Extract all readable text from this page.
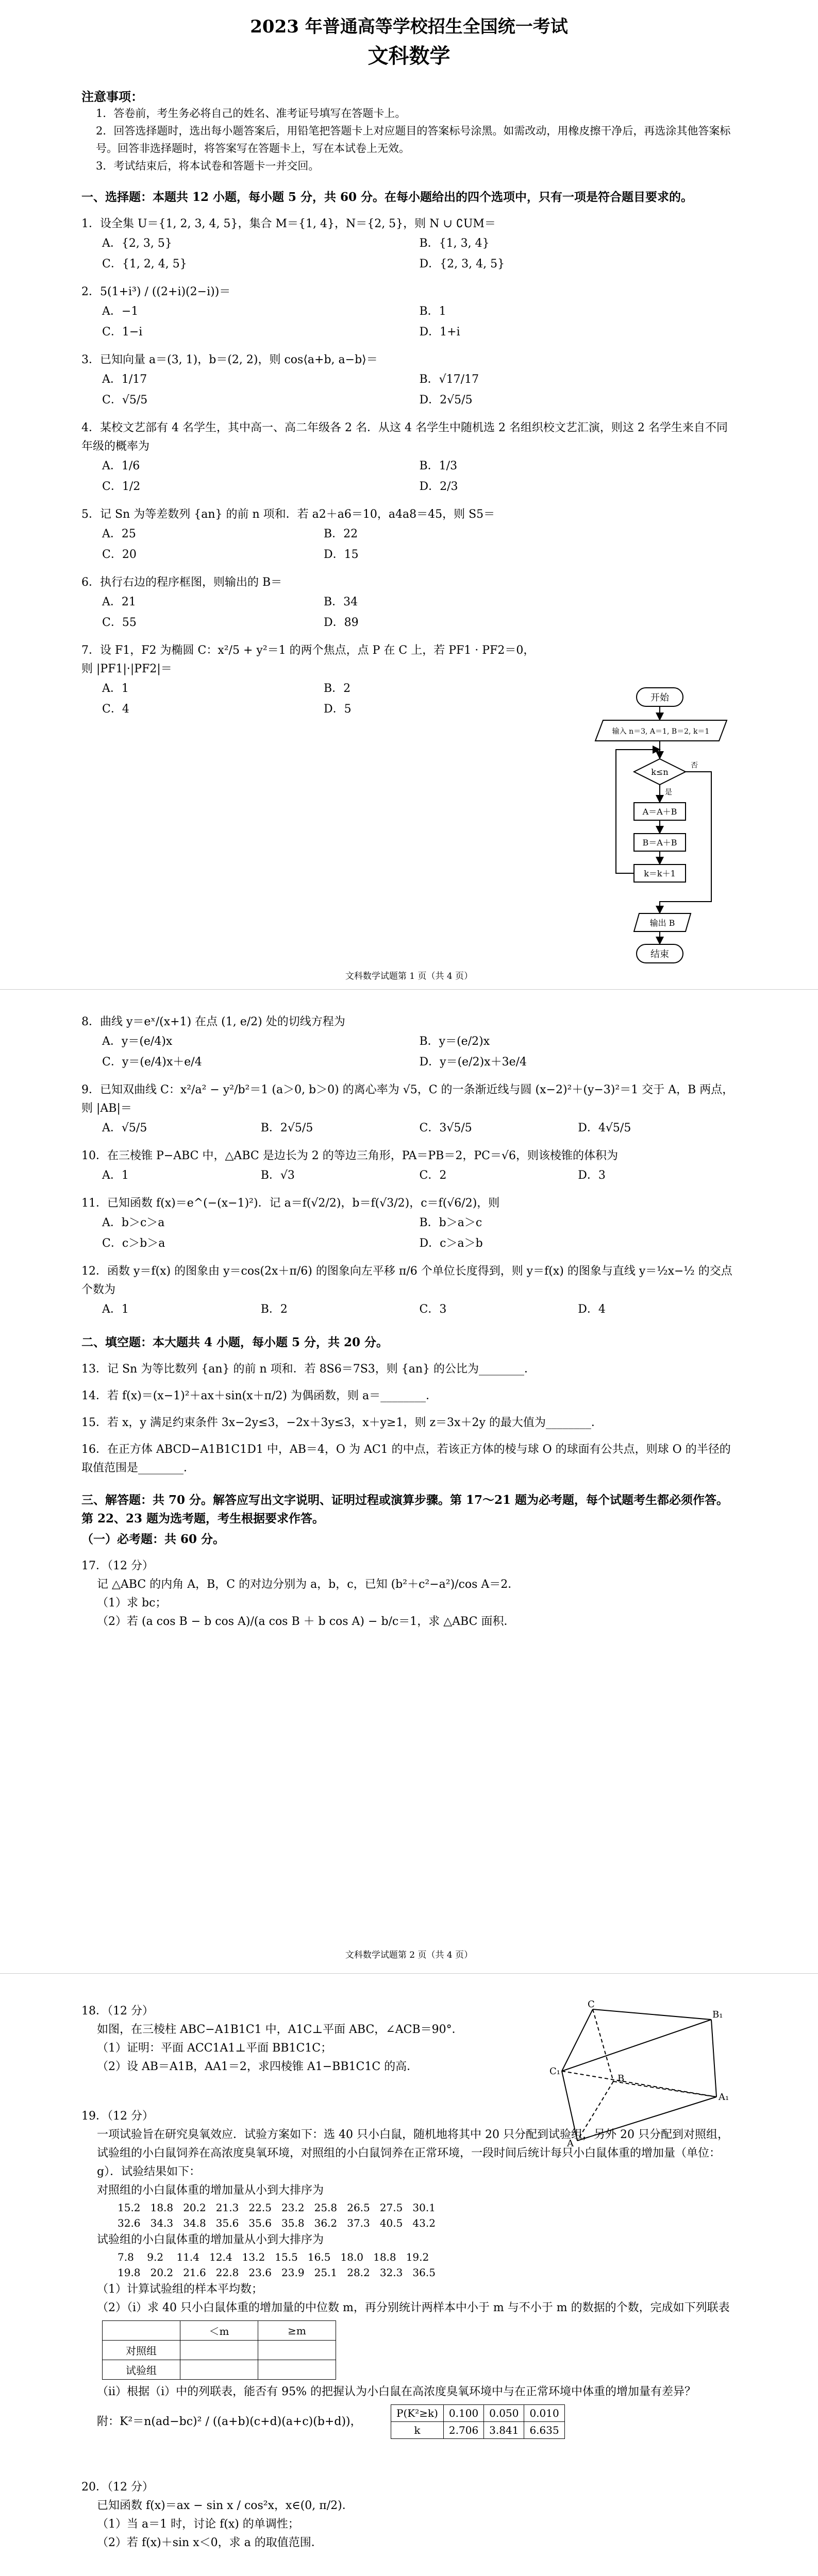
2023 年普通高等学校招生全国统一考试
文科数学
注意事项：
1．答卷前，考生务必将自己的姓名、准考证号填写在答题卡上。
2．回答选择题时，选出每小题答案后，用铅笔把答题卡上对应题目的答案标号涂黑。如需改动，用橡皮擦干净后，再选涂其他答案标号。回答非选择题时，将答案写在答题卡上，写在本试卷上无效。
3．考试结束后，将本试卷和答题卡一并交回。
一、选择题：本题共 12 小题，每小题 5 分，共 60 分。在每小题给出的四个选项中，只有一项是符合题目要求的。
1．设全集 U＝{1, 2, 3, 4, 5}，集合 M＝{1, 4}，N＝{2, 5}，则 N ∪ ∁UM＝
A．{2, 3, 5}	B．{1, 3, 4}
C．{1, 2, 4, 5}	D．{2, 3, 4, 5}
2．5(1+i³) / ((2+i)(2−i))＝
A．−1	B．1
C．1−i	D．1+i
3．已知向量 a＝(3, 1)，b＝(2, 2)，则 cos⟨a+b, a−b⟩＝
A．1/17	B．√17/17
C．√5/5	D．2√5/5
4．某校文艺部有 4 名学生，其中高一、高二年级各 2 名．从这 4 名学生中随机选 2 名组织校文艺汇演，则这 2 名学生来自不同年级的概率为
A．1/6	B．1/3
C．1/2	D．2/3
5．记 Sn 为等差数列 {an} 的前 n 项和．若 a2＋a6＝10，a4a8＝45，则 S5＝
A．25	B．22
C．20	D．15
6．执行右边的程序框图，则输出的 B＝
A．21	B．34
C．55	D．89
7．设 F1，F2 为椭圆 C：x²/5 + y²＝1 的两个焦点，点 P 在 C 上，若 PF1 · PF2＝0，则 |PF1|·|PF2|＝
A．1	B．2
C．4	D．5
开始
输入 n＝3, A＝1, B＝2, k＝1
k≤n
是
否
A＝A＋B
B＝A＋B
k＝k＋1
输出 B
结束
文科数学试题第 1 页（共 4 页）
8．曲线 y＝eˣ/(x+1) 在点 (1, e/2) 处的切线方程为
A．y＝(e/4)x	B．y＝(e/2)x
C．y＝(e/4)x＋e/4	D．y＝(e/2)x＋3e/4
9．已知双曲线 C：x²/a² − y²/b²＝1 (a＞0, b＞0) 的离心率为 √5，C 的一条渐近线与圆 (x−2)²＋(y−3)²＝1 交于 A，B 两点，则 |AB|＝
A．√5/5	B．2√5/5	C．3√5/5	D．4√5/5
10．在三棱锥 P−ABC 中，△ABC 是边长为 2 的等边三角形，PA＝PB＝2，PC＝√6，则该棱锥的体积为
A．1	B．√3	C．2	D．3
11．已知函数 f(x)＝e^(−(x−1)²)．记 a＝f(√2/2)，b＝f(√3/2)，c＝f(√6/2)，则
A．b＞c＞a	B．b＞a＞c
C．c＞b＞a	D．c＞a＞b
12．函数 y＝f(x) 的图象由 y＝cos(2x＋π/6) 的图象向左平移 π/6 个单位长度得到，则 y＝f(x) 的图象与直线 y＝½x−½ 的交点个数为
A．1	B．2	C．3	D．4
二、填空题：本大题共 4 小题，每小题 5 分，共 20 分。
13．记 Sn 为等比数列 {an} 的前 n 项和．若 8S6＝7S3，则 {an} 的公比为________．
14．若 f(x)＝(x−1)²＋ax＋sin(x＋π/2) 为偶函数，则 a＝________．
15．若 x，y 满足约束条件 3x−2y≤3，−2x＋3y≤3，x＋y≥1，则 z＝3x＋2y 的最大值为________．
16．在正方体 ABCD−A1B1C1D1 中，AB＝4，O 为 AC1 的中点，若该正方体的棱与球 O 的球面有公共点，则球 O 的半径的取值范围是________．
三、解答题：共 70 分。解答应写出文字说明、证明过程或演算步骤。第 17～21 题为必考题，每个试题考生都必须作答。第 22、23 题为选考题，考生根据要求作答。
（一）必考题：共 60 分。
17．（12 分）
记 △ABC 的内角 A，B，C 的对边分别为 a，b，c，已知 (b²＋c²−a²)/cos A＝2．
（1）求 bc；
（2）若 (a cos B − b cos A)/(a cos B ＋ b cos A) − b/c＝1，求 △ABC 面积．
文科数学试题第 2 页（共 4 页）
18．（12 分）
如图，在三棱柱 ABC−A1B1C1 中，A1C⊥平面 ABC，∠ACB＝90°．
（1）证明：平面 ACC1A1⊥平面 BB1C1C；
（2）设 AB＝A1B，AA1＝2，求四棱锥 A1−BB1C1C 的高．
19．（12 分）
一项试验旨在研究臭氧效应．试验方案如下：选 40 只小白鼠，随机地将其中 20 只分配到试验组，另外 20 只分配到对照组，试验组的小白鼠饲养在高浓度臭氧环境，对照组的小白鼠饲养在正常环境，一段时间后统计每只小白鼠体重的增加量（单位：g）．试验结果如下：
对照组的小白鼠体重的增加量从小到大排序为
15.2   18.8   20.2   21.3   22.5   23.2   25.8   26.5   27.5   30.1
32.6   34.3   34.8   35.6   35.6   35.8   36.2   37.3   40.5   43.2
试验组的小白鼠体重的增加量从小到大排序为
7.8    9.2    11.4   12.4   13.2   15.5   16.5   18.0   18.8   19.2
19.8   20.2   21.6   22.8   23.6   23.9   25.1   28.2   32.3   36.5
（1）计算试验组的样本平均数；
（2）（ⅰ）求 40 只小白鼠体重的增加量的中位数 m，再分别统计两样本中小于 m 与不小于 m 的数据的个数，完成如下列联表
	＜m	≥m
对照组		
试验组		
（ⅱ）根据（ⅰ）中的列联表，能否有 95% 的把握认为小白鼠在高浓度臭氧环境中与在正常环境中体重的增加量有差异？
附：K²＝n(ad−bc)² / ((a+b)(c+d)(a+c)(b+d))，
P(K²≥k)	0.100	0.050	0.010
k	2.706	3.841	6.635
20．（12 分）
已知函数 f(x)＝ax − sin x / cos²x，x∈(0, π/2)．
（1）当 a＝1 时，讨论 f(x) 的单调性；
（2）若 f(x)＋sin x＜0，求 a 的取值范围．
C
B₁
C₁
B
A₁
A
